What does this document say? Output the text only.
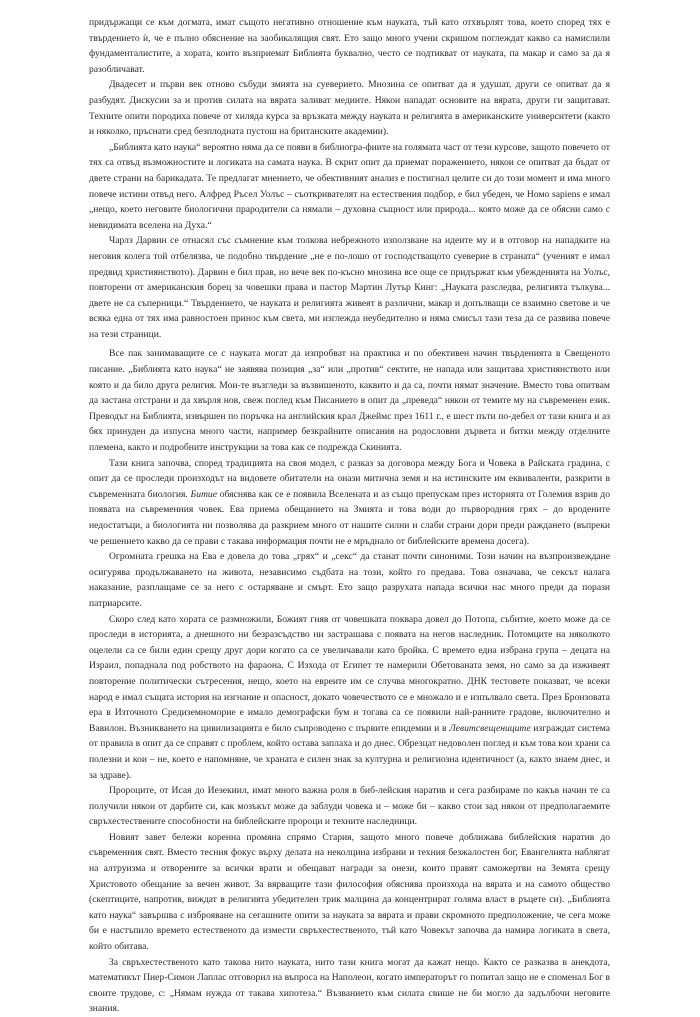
придържащи се към догмата, имат същото негативно отношение към науката, тъй като отхвърлят това, което според тях е твърдението ѝ, че е пълно обяснение на заобикалящия свят. Ето защо много учени скришом поглеждат какво са намислили фундаменталистите, а хората, които възприемат Библията буквално, често се подтикват от науката, па макар и само за да я разобличават.

Двадесет и първи век отново събуди змията на суеверието. Мнозина се опитват да я удушат, други се опитват да я разбудят. Дискусии за и против силата на вярата заливат медиите. Някои нападат основите на вярата, други ги защитават. Техните опити породиха повече от хиляда курса за връзката между науката и религията в американските университети (както и няколко, пръснати сред безплодната пустош на британските академии).

„Библията като наука“ вероятно няма да се появи в библиогра-фиите на голямата част от тези курсове, защото повечето от тях са отвъд възможностите и логиката на самата наука. В скрит опит да приемат поражението, някои се опитват да бъдат от двете страни на барикадата. Те предлагат мнението, че обективният анализ е постигнал целите си до този момент и има много повече истини отвъд него. Алфред Ръсел Уолъс – съоткривателят на естествения подбор, е бил убеден, че Номо sapiens е имал „нещо, което неговите биологични прародители са нямали – духовна същност или природа... която може да се обясни само с невидимата вселена на Духа.“

Чарлз Дарвин се отнасял със съмнение към толкова небрежното използване на идеите му и в отговор на нападките на неговия колега той отбелязва, че подобно твърдение „не е по-лошо от господстващото суеверие в страната“ (ученият е имал предвид християнството). Дарвин е бил прав, но вече век по-късно мнозина все още се придържат към убежденията на Уолъс, повторени от американския борец за човешки права и пастор Мартин Лутър Кинг: „Науката разследва, религията тълкува... двете не са съперници.“ Твърдението, че науката и религията живеят в различни, макар и допълващи се взаимно светове и че всяка една от тях има равностоен принос към света, ми изглежда неубедително и няма смисъл тази теза да се развива повече на тези страници.

Все пак занимаващите се с науката могат да изпробват на практика и по обективен начин твърденията в Свещеното писание. „Библията като наука“ не заявява позиция „за“ или „против“ сектите, не напада или защитава християнството или която и да било друга религия. Мои-те възгледи за възвишеното, каквито и да са, почти нямат значение. Вместо това опитвам да застана отстрани и да хвърля нов, свеж поглед към Писанието в опит да „преведа“ някои от темите му на съвременен език. Преводът на Библията, извършен по поръчка на английския крал Джеймс през 1611 г., е шест пъти по-дебел от тази книга и аз бях принуден да изпусна много части, например безкрайните описания на родословни дървета и битки между отделните племена, както и подробните инструкции за това как се подрежда Скинията.

Тази книга започва, според традицията на своя модел, с разказ за договора между Бога и Човека в Райската градина, с опит да се проследи произходът на видовете обитатели на онази митична земя и на истинските им еквиваленти, разкрити в съвременната биология. Битие обяснява как се е появила Вселената и аз също препускам през историята от Големия взрив до появата на съвременния човек. Ева приема обещанието на Змията и това води до първородния грях – до вродените недостатъци, а биологията ни позволява да разкрием много от нашите силни и слаби страни дори преди раждането (въпреки че решението какво да се прави с такава информация почти не е мръднало от библейските времена досега).

Огромната грешка на Ева е довела до това „грях“ и „секс“ да станат почти синоними. Този начин на възпроизвеждане осигурява продължаването на живота, независимо съдбата на този, който го предава. Това означава, че сексът налага наказание, разплащаме се за него с остаряване и смърт. Ето защо разрухата напада всички нас много преди да порази патриарсите.

Скоро след като хората се размножили, Божият гняв от човешката поквара довел до Потопа, събитие, което може да се проследи в историята, а днешното ни безразсъдство ни застрашава с появата на негов наследник. Потомците на няколкото оцелели са се били един срещу друг дори когато са се увеличавали като бройка. С времето една избрана група – децата на Израил, попаднала под робството на фараона. С Изхода от Египет те намерили Обетованата земя, но само за да изживеят повторение политически сътресения, нещо, което на евреите им се случва многократно. ДНК тестовете показват, че всеки народ е имал същата история на изгнание и опасност, докато човечеството се е множало и е изпълвало света. През Бронзовата ера в Източното Средиземноморие е имало демографски бум и тогава са се появили най-ранните градове, включително и Вавилон. Възникването на цивилизацията е било съпроводено с първите епидемии и в Левитсвещениците изграждат система от правила в опит да се справят с проблем, който остава заплаха и до днес. Обрезцат недоволен поглед и към това кои храни са полезни и кои – не, което е напомняне, че храната е силен знак за културна и религиозна идентичност (а, както знаем днес, и за здраве).

Пророците, от Исая до Иезекиил, имат много важна роля в биб-лейския наратив и сега разбираме по какъв начин те са получили някои от дарбите си, как мозъкът може да заблуди човека и – може би – какво стои зад някои от предполагаемите свръхестествените способности на библейските пророци и техните наследници.

Новият завет бележи коренна промяна спрямо Стария, защото много повече доближава библейския наратив до съвременния свят. Вместо тесния фокус върху делата на неколцина избрани и техния безжалостен бог, Евангелията наблягат на алтруизма и отворените за всички врати и обещават награди за онези, които правят саможертви на Земята срещу Христовото обещание за вечен живот. За вярващите тази философия обяснява произхода на вярата и на самото общество (скептиците, напротив, виждат в религията убедителен трик малцина да концентрират голяма власт в ръцете си). „Библията като наука“ завършва с изброяване на сегашните опити за науката за вярата и прави скромното предположение, че сега може би е настъпило времето естественото да измести свръхестественото, тъй като Човекът започва да намира логиката в света, който обитава.

За свръхестественото като такова нито науката, нито тази книга могат да кажат нещо. Както се разказва в анекдота, математикът Пиер-Симон Лаплас отговорил на въпроса на Наполеон, когато императорът го попитал защо не е споменал Бог в своите трудове, с: „Нямам нужда от такава хипотеза.“ Възванието към силата свише не би могло да задълбочи неговите знания.
